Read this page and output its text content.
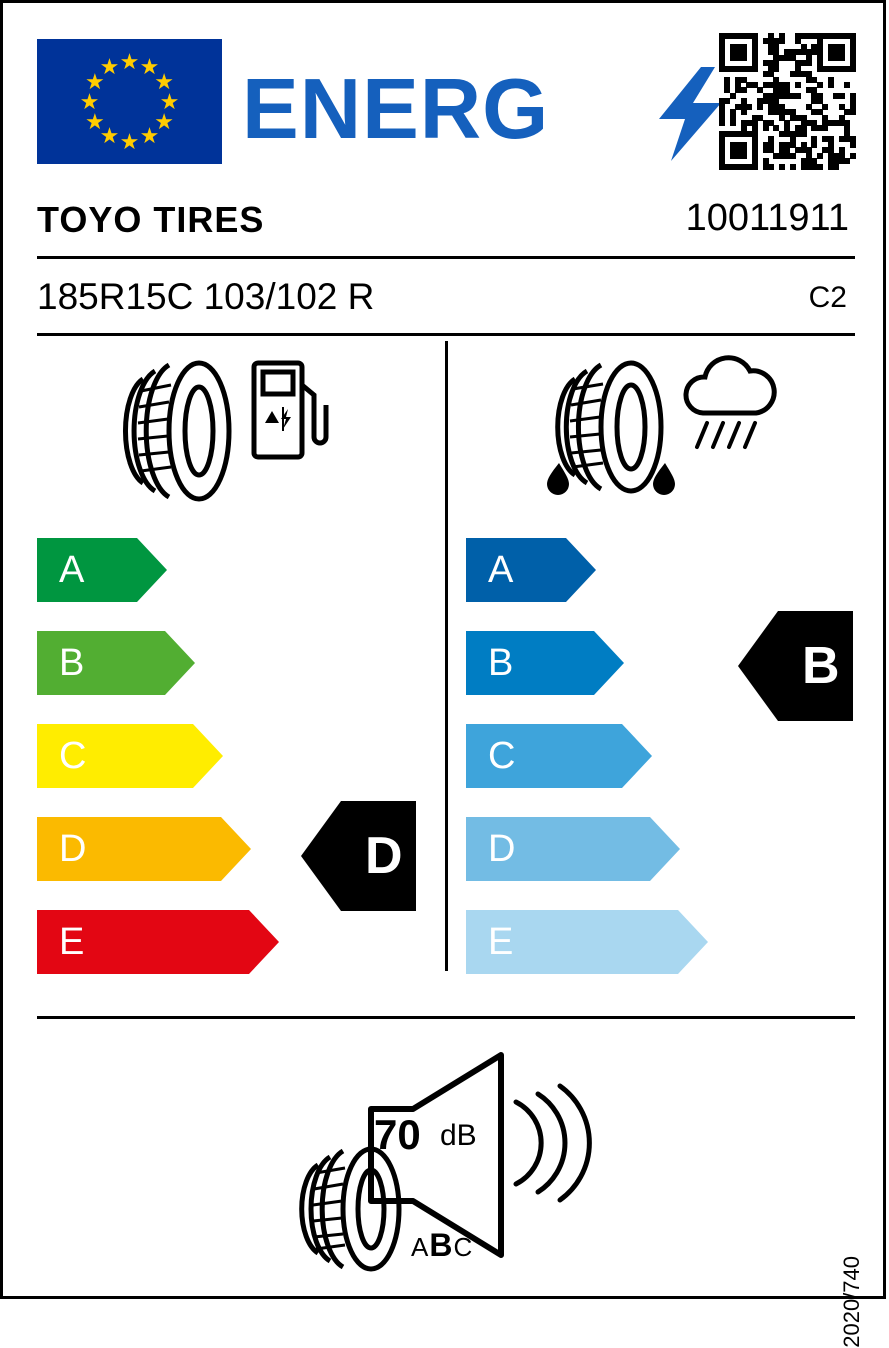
★ ★
★
★
★
★
★
★
★
★
★
★ ENERG
TOYO TIRES	10011911
185R15C 103/102 R	C2
A
B
C
D
E
A
B
C
D
E
D
B
70 dB
ABC
2020/740
